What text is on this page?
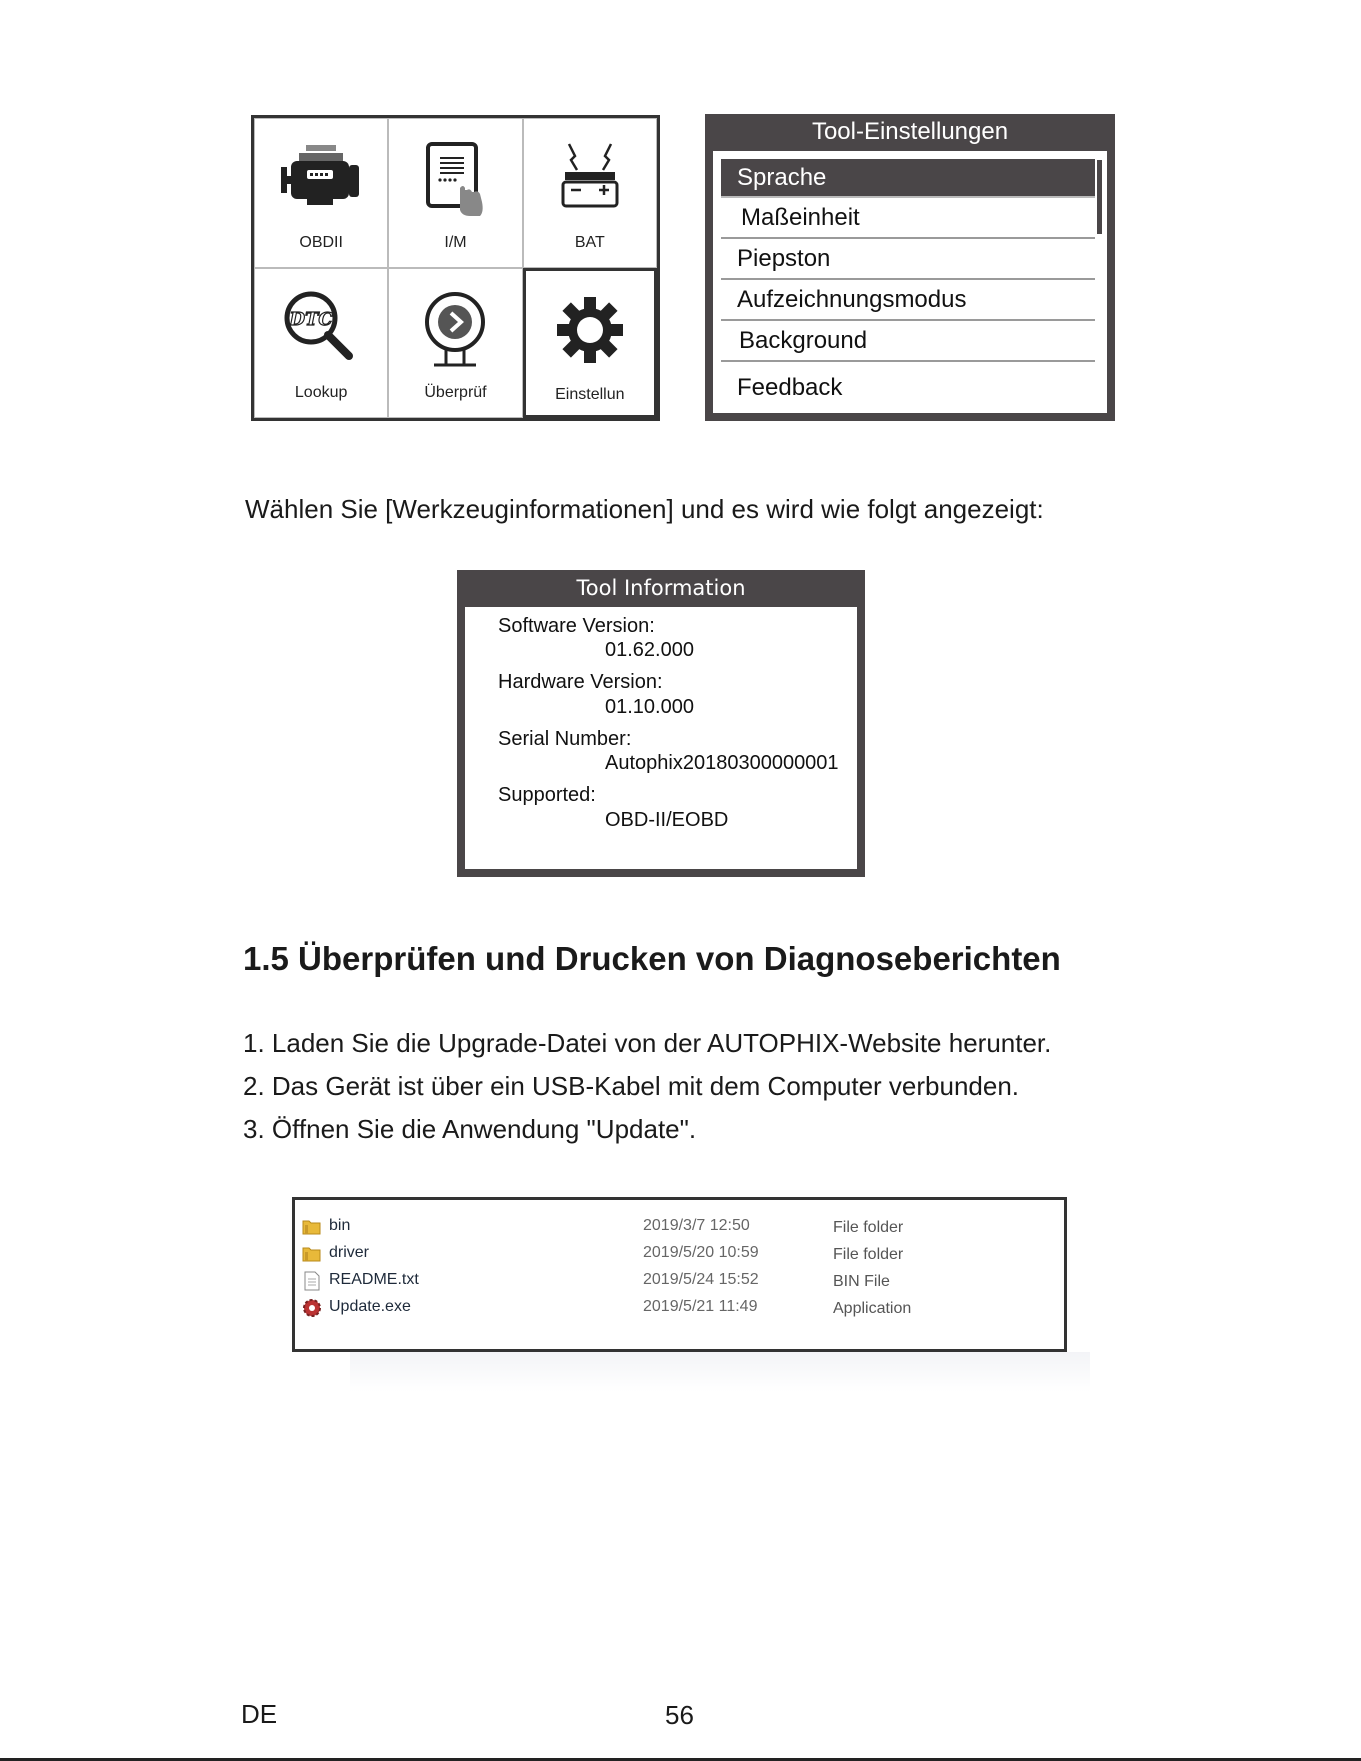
OBDII	I/M	BAT
DTC
Lookup	Überprüf	Einstellun
Tool-Einstellungen
Sprache
Maßeinheit
Piepston
Aufzeichnungsmodus
Background
Feedback
Wählen Sie [Werkzeuginformationen] und es wird wie folgt angezeigt:
Tool Information
Software Version:
01.62.000
Hardware Version:
01.10.000
Serial Number:
Autophix20180300000001
Supported:
OBD-II/EOBD
1.5 Überprüfen und Drucken von Diagnoseberichten
1. Laden Sie die Upgrade-Datei von der AUTOPHIX-Website herunter.
2. Das Gerät ist über ein USB-Kabel mit dem Computer verbunden.
3. Öffnen Sie die Anwendung "Update".
bin	2019/3/7 12:50	File folder
driver	2019/5/20 10:59	File folder
README.txt	2019/5/24 15:52	BIN File
Update.exe	2019/5/21 11:49	Application
DE	56
